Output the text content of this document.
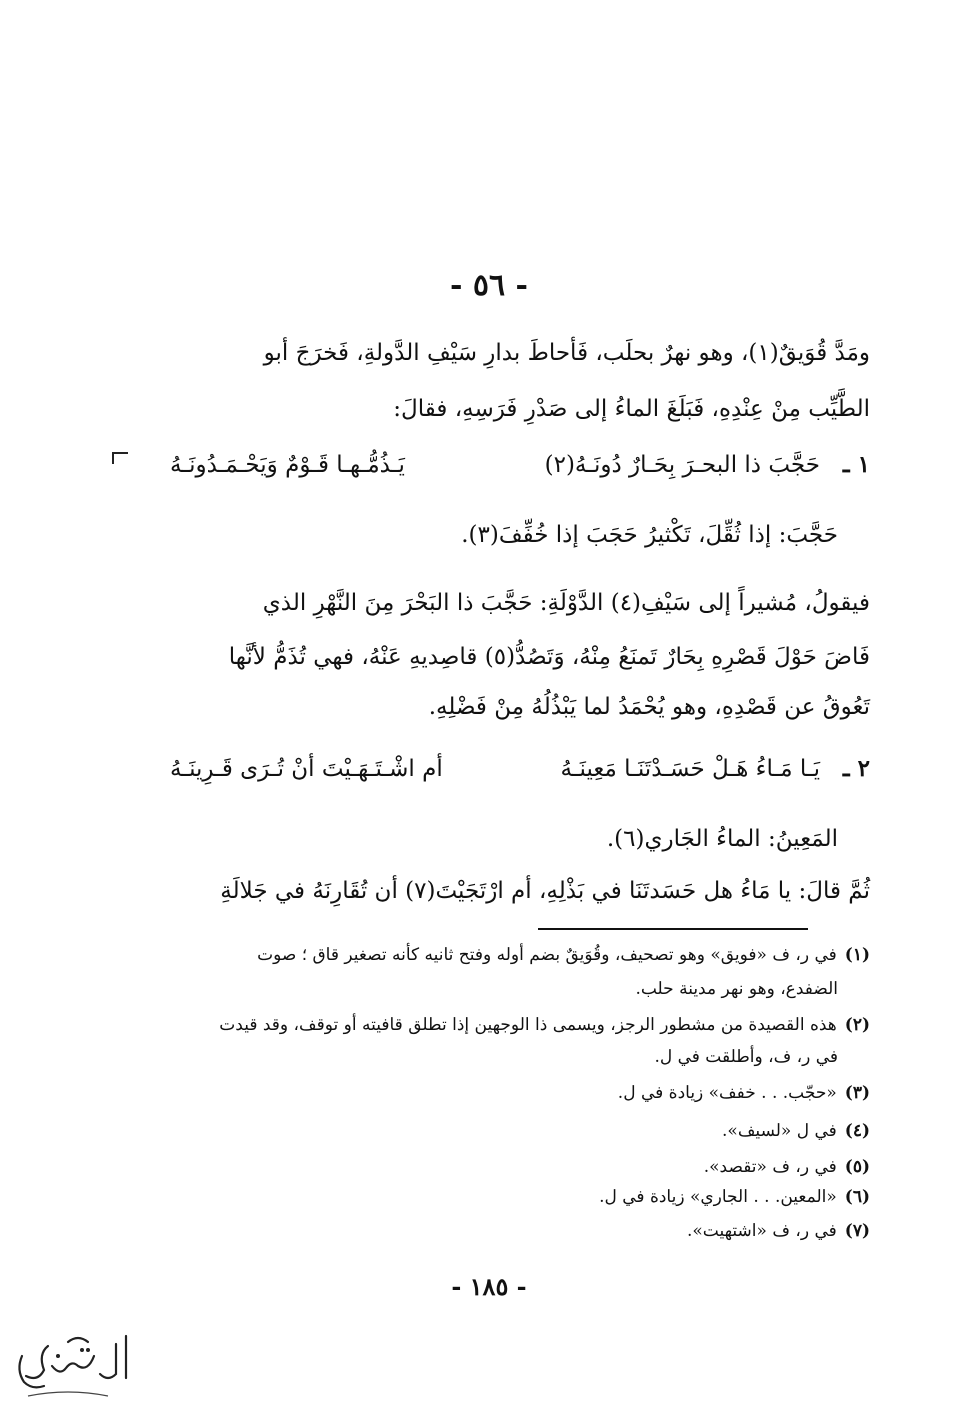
- ٥٦ -
ومَدَّ قُوَيقٌ(١)، وهو نهرٌ بحلَب، فَأحاطَ بدارِ سَيْفِ الدَّولةِ، فَخرَجَ أبو
الطَّيِّب مِنْ عِنْدِهِ، فَبَلَغَ الماءُ إلى صَدْرِ فَرَسِهِ، فقالَ:
١ ـ
حَجَّبَ ذا البحـرَ بِحَـارٌ دُونَـهُ(٢)
يَـذُمُّـهـا قَـوْمٌ وَيَحْـمَـدُونَـهُ
حَجَّبَ: إذا ثُقِّلَ، تَكْثيرُ حَجَبَ إذا خُفِّفَ(٣).
فيقولُ، مُشيراً إلى سَيْفِ(٤) الدَّوْلَةِ: حَجَّبَ ذا البَحْرَ مِنَ النَّهْرِ الذي
فَاضَ حَوْلَ قَصْرِهِ بِحَارٌ تَمنَعُ مِنْهُ، وَتَصُدُّ(٥) قاصِديهِ عَنْهُ، فهي تُذَمُّ لأنَّها
تَعُوقُ عن قَصْدِهِ، وهو يُحْمَدُ لما يَبْذُلُهُ مِنْ فَضْلِهِ.
٢ ـ
يَـا مَـاءُ هَـلْ حَسَـدْتَنَـا مَعِينَـهُ
أم اشْـتَـهَـيْتَ أنْ تُـرَى قَـرِينَـهُ
المَعِينُ: الماءُ الجَاري(٦).
ثُمَّ قالَ: يا مَاءُ هل حَسَدتَنَا في بَذْلِهِ، أم ارْتَجَيْتَ(٧) أن تُقَارِنَهُ في جَلالَةِ
(١)في ر، ف «فويق» وهو تصحيف، وقُوَيقٌ بضم أوله وفتح ثانيه كأنه تصغير قاق ؛ صوت
الضفدع، وهو نهر مدينة حلب.
(٢)هذه القصيدة من مشطور الرجز، ويسمى ذا الوجهين إذا تطلق قافيته أو توقف، وقد قيدت
في ر، ف، وأطلقت في ل.
(٣)«حجّب. . . خفف» زيادة في ل.
(٤)في ل «لسيف».
(٥)في ر، ف «تقصد».
(٦)«المعين. . . الجاري» زيادة في ل.
(٧)في ر، ف «اشتهيت».
- ١٨٥ -
